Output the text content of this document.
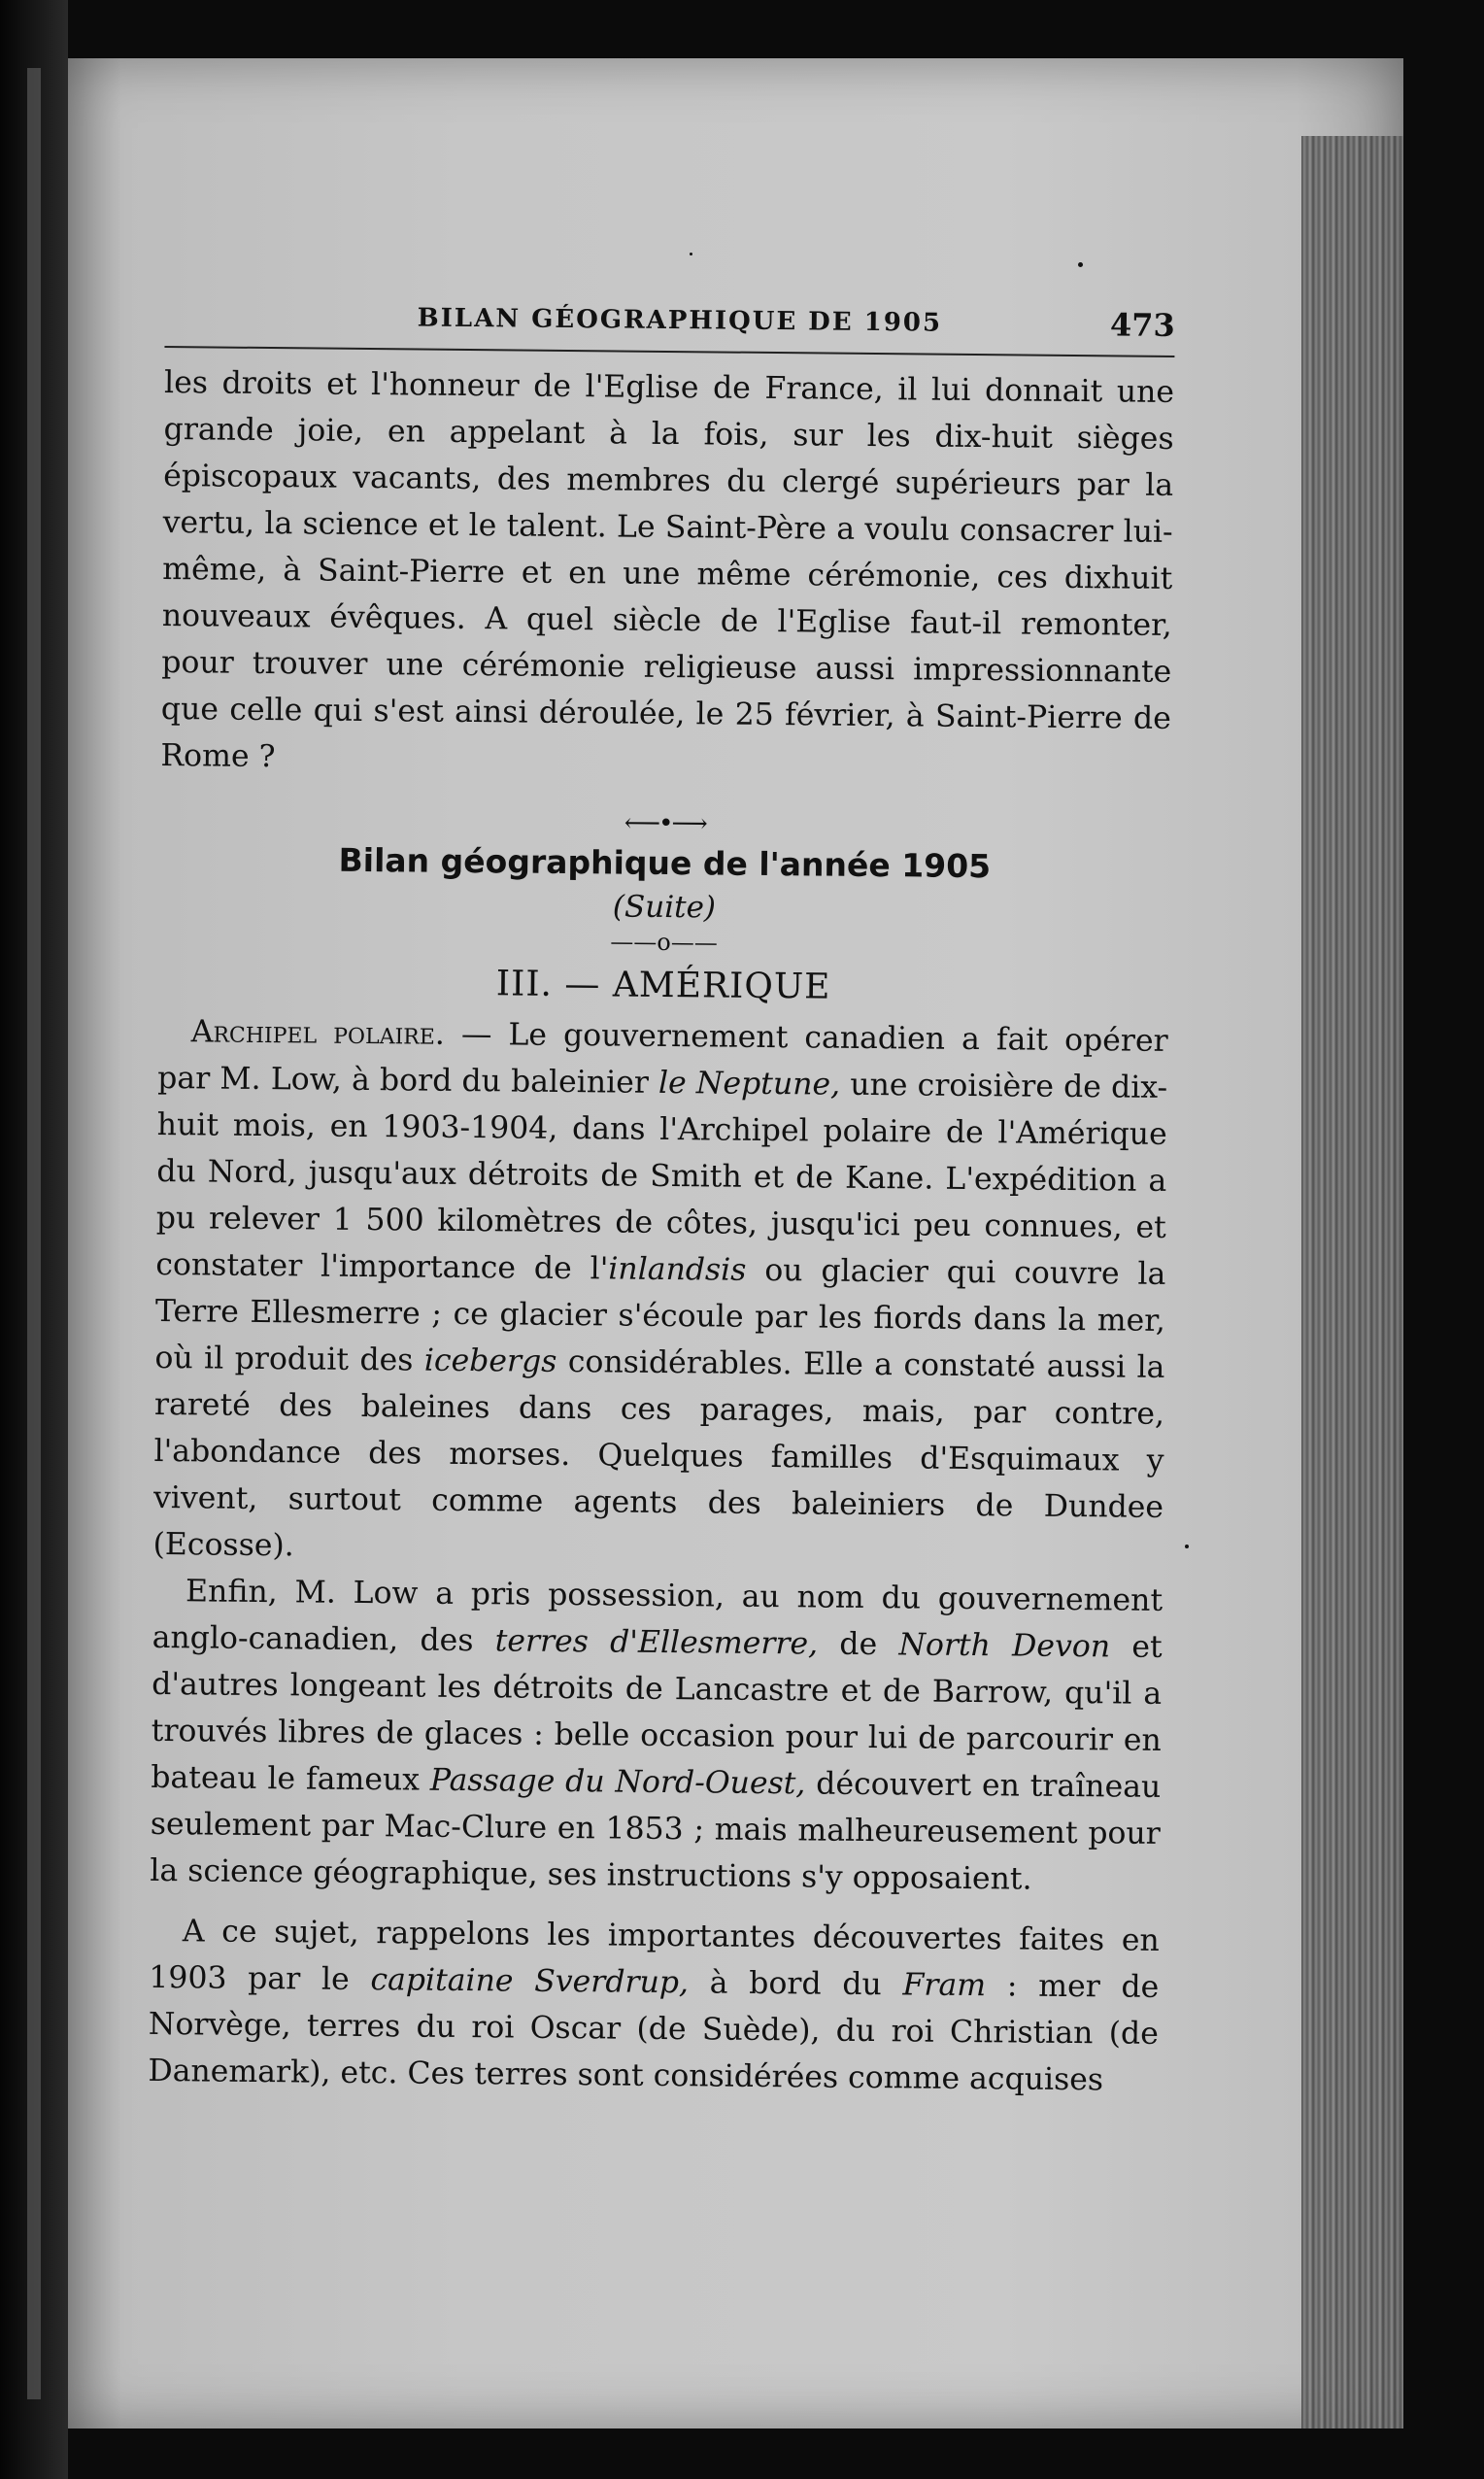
BILAN GÉOGRAPHIQUE DE 1905	473

les droits et l'honneur de l'Eglise de France, il lui donnait une grande joie, en appelant à la fois, sur les dix-huit sièges épiscopaux vacants, des membres du clergé supérieurs par la vertu, la science et le talent. Le Saint-Père a voulu consacrer lui-même, à Saint-Pierre et en une même cérémonie, ces dixhuit nouveaux évêques. A quel siècle de l'Eglise faut-il remonter, pour trouver une cérémonie religieuse aussi impressionnante que celle qui s'est ainsi déroulée, le 25 février, à Saint-Pierre de Rome ?

⟵•⟶
Bilan géographique de l'année 1905
(Suite)
——o——
III. — AMÉRIQUE

Archipel polaire. — Le gouvernement canadien a fait opérer par M. Low, à bord du baleinier le Neptune, une croisière de dix-huit mois, en 1903-1904, dans l'Archipel polaire de l'Amérique du Nord, jusqu'aux détroits de Smith et de Kane. L'expédition a pu relever 1 500 kilomètres de côtes, jusqu'ici peu connues, et constater l'importance de l'inlandsis ou glacier qui couvre la Terre Ellesmerre ; ce glacier s'écoule par les fiords dans la mer, où il produit des icebergs considérables. Elle a constaté aussi la rareté des baleines dans ces parages, mais, par contre, l'abondance des morses. Quelques familles d'Esquimaux y vivent, surtout comme agents des baleiniers de Dundee (Ecosse).

Enfin, M. Low a pris possession, au nom du gouvernement anglo-canadien, des terres d'Ellesmerre, de North Devon et d'autres longeant les détroits de Lancastre et de Barrow, qu'il a trouvés libres de glaces : belle occasion pour lui de parcourir en bateau le fameux Passage du Nord-Ouest, découvert en traîneau seulement par Mac-Clure en 1853 ; mais malheureusement pour la science géographique, ses instructions s'y opposaient.

A ce sujet, rappelons les importantes découvertes faites en 1903 par le capitaine Sverdrup, à bord du Fram : mer de Norvège, terres du roi Oscar (de Suède), du roi Christian (de Danemark), etc. Ces terres sont considérées comme acquises
